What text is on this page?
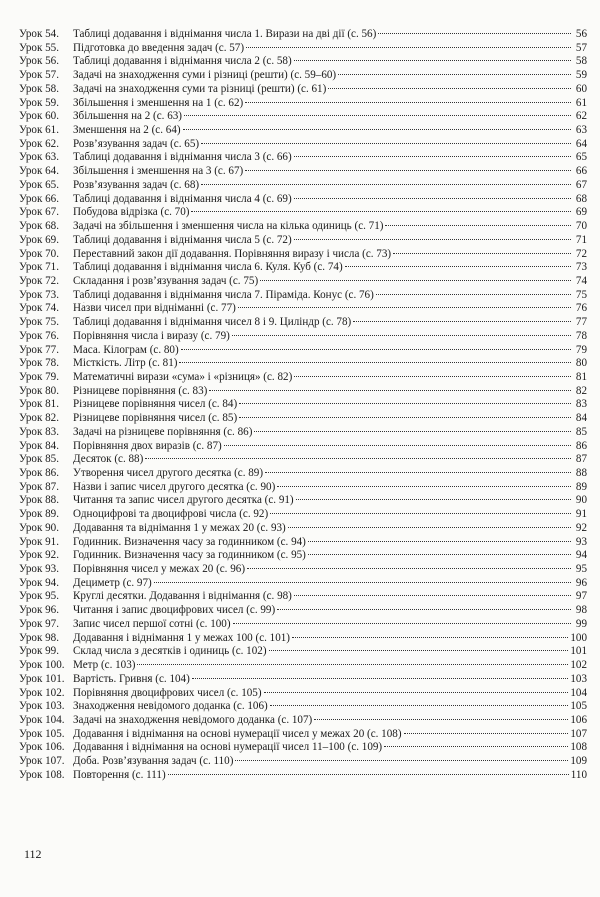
Урок 54.	Таблиці додавання і віднімання числа 1. Вирази на дві дії (с. 56)	56
Урок 55.	Підготовка до введення задач (с. 57)	57
Урок 56.	Таблиці додавання і віднімання числа 2 (с. 58)	58
Урок 57.	Задачі на знаходження суми і різниці (решти) (с. 59–60)	59
Урок 58.	Задачі на знаходження суми та різниці (решти) (с. 61)	60
Урок 59.	Збільшення і зменшення на 1 (с. 62)	61
Урок 60.	Збільшення на 2 (с. 63)	62
Урок 61.	Зменшення на 2 (с. 64)	63
Урок 62.	Розв’язування задач (с. 65)	64
Урок 63.	Таблиці додавання і віднімання числа 3 (с. 66)	65
Урок 64.	Збільшення і зменшення на 3 (с. 67)	66
Урок 65.	Розв’язування задач (с. 68)	67
Урок 66.	Таблиці додавання і віднімання числа 4 (с. 69)	68
Урок 67.	Побудова відрізка (с. 70)	69
Урок 68.	Задачі на збільшення і зменшення числа на кілька одиниць (с. 71)	70
Урок 69.	Таблиці додавання і віднімання числа 5 (с. 72)	71
Урок 70.	Переставний закон дії додавання. Порівняння виразу і числа (с. 73)	72
Урок 71.	Таблиці додавання і віднімання числа 6. Куля. Куб (с. 74)	73
Урок 72.	Складання і розв’язування задач (с. 75)	74
Урок 73.	Таблиці додавання і віднімання числа 7. Піраміда. Конус (с. 76)	75
Урок 74.	На́зви чисел при відніманні (с. 77)	76
Урок 75.	Таблиці додавання і віднімання чисел 8 і 9. Циліндр (с. 78)	77
Урок 76.	Порівняння числа і виразу (с. 79)	78
Урок 77.	Маса. Кілограм (с. 80)	79
Урок 78.	Місткість. Літр (с. 81)	80
Урок 79.	Математичні вирази «сума» і «різниця» (с. 82)	81
Урок 80.	Різницеве порівняння (с. 83)	82
Урок 81.	Різницеве порівняння чисел (с. 84)	83
Урок 82.	Різницеве порівняння чисел (с. 85)	84
Урок 83.	Задачі на різницеве порівняння (с. 86)	85
Урок 84.	Порівняння двох виразів (с. 87)	86
Урок 85.	Десяток (с. 88)	87
Урок 86.	Утворення чисел другого десятка (с. 89)	88
Урок 87.	На́зви і запис чисел другого десятка (с. 90)	89
Урок 88.	Читання та запис чисел другого десятка (с. 91)	90
Урок 89.	Одноцифрові та двоцифрові числа (с. 92)	91
Урок 90.	Додавання та віднімання 1 у межах 20 (с. 93)	92
Урок 91.	Годинник. Визначення часу за годинником (с. 94)	93
Урок 92.	Годинник. Визначення часу за годинником (с. 95)	94
Урок 93.	Порівняння чисел у межах 20 (с. 96)	95
Урок 94.	Дециметр (с. 97)	96
Урок 95.	Круглі десятки. Додавання і віднімання (с. 98)	97
Урок 96.	Читання і запис двоцифрових чисел (с. 99)	98
Урок 97.	Запис чисел першої сотні (с. 100)	99
Урок 98.	Додавання і віднімання 1 у межах 100 (с. 101)	100
Урок 99.	Склад числа з десятків і одиниць (с. 102)	101
Урок 100. Метр (с. 103)	102
Урок 101. Вартість. Гривня (с. 104)	103
Урок 102. Порівняння двоцифрових чисел (с. 105)	104
Урок 103. Знаходження невідомого доданка (с. 106)	105
Урок 104. Задачі на знаходження невідомого доданка (с. 107)	106
Урок 105. Додавання і віднімання на основі нумерації чисел у межах 20 (с. 108)	107
Урок 106. Додавання і віднімання на основі нумерації чисел 11–100 (с. 109)	108
Урок 107. Доба. Розв’язування задач (с. 110)	109
Урок 108. Повторення (с. 111)	110
112
